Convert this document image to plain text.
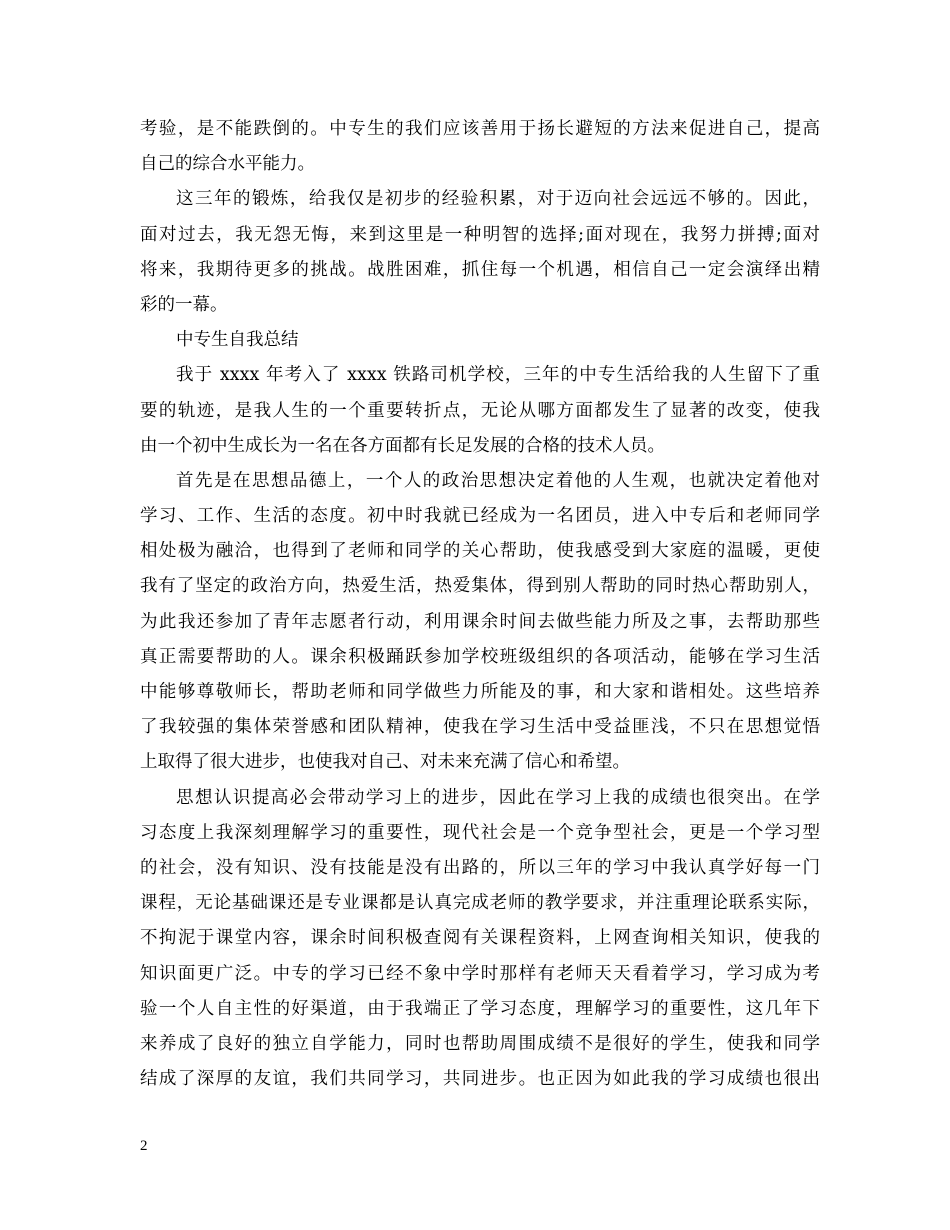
考验，是不能跌倒的。中专生的我们应该善用于扬长避短的方法来促进自己，提高
自己的综合水平能力。
这三年的锻炼，给我仅是初步的经验积累，对于迈向社会远远不够的。因此，
面对过去，我无怨无悔，来到这里是一种明智的选择;面对现在，我努力拼搏;面对
将来，我期待更多的挑战。战胜困难，抓住每一个机遇，相信自己一定会演绎出精
彩的一幕。
中专生自我总结
我于 xxxx 年考入了 xxxx 铁路司机学校，三年的中专生活给我的人生留下了重
要的轨迹，是我人生的一个重要转折点，无论从哪方面都发生了显著的改变，使我
由一个初中生成长为一名在各方面都有长足发展的合格的技术人员。
首先是在思想品德上，一个人的政治思想决定着他的人生观，也就决定着他对
学习、工作、生活的态度。初中时我就已经成为一名团员，进入中专后和老师同学
相处极为融洽，也得到了老师和同学的关心帮助，使我感受到大家庭的温暖，更使
我有了坚定的政治方向，热爱生活，热爱集体，得到别人帮助的同时热心帮助别人，
为此我还参加了青年志愿者行动，利用课余时间去做些能力所及之事，去帮助那些
真正需要帮助的人。课余积极踊跃参加学校班级组织的各项活动，能够在学习生活
中能够尊敬师长，帮助老师和同学做些力所能及的事，和大家和谐相处。这些培养
了我较强的集体荣誉感和团队精神，使我在学习生活中受益匪浅，不只在思想觉悟
上取得了很大进步，也使我对自己、对未来充满了信心和希望。
思想认识提高必会带动学习上的进步，因此在学习上我的成绩也很突出。在学
习态度上我深刻理解学习的重要性，现代社会是一个竞争型社会，更是一个学习型
的社会，没有知识、没有技能是没有出路的，所以三年的学习中我认真学好每一门
课程，无论基础课还是专业课都是认真完成老师的教学要求，并注重理论联系实际，
不拘泥于课堂内容，课余时间积极查阅有关课程资料，上网查询相关知识，使我的
知识面更广泛。中专的学习已经不象中学时那样有老师天天看着学习，学习成为考
验一个人自主性的好渠道，由于我端正了学习态度，理解学习的重要性，这几年下
来养成了良好的独立自学能力，同时也帮助周围成绩不是很好的学生，使我和同学
结成了深厚的友谊，我们共同学习，共同进步。也正因为如此我的学习成绩也很出
2
